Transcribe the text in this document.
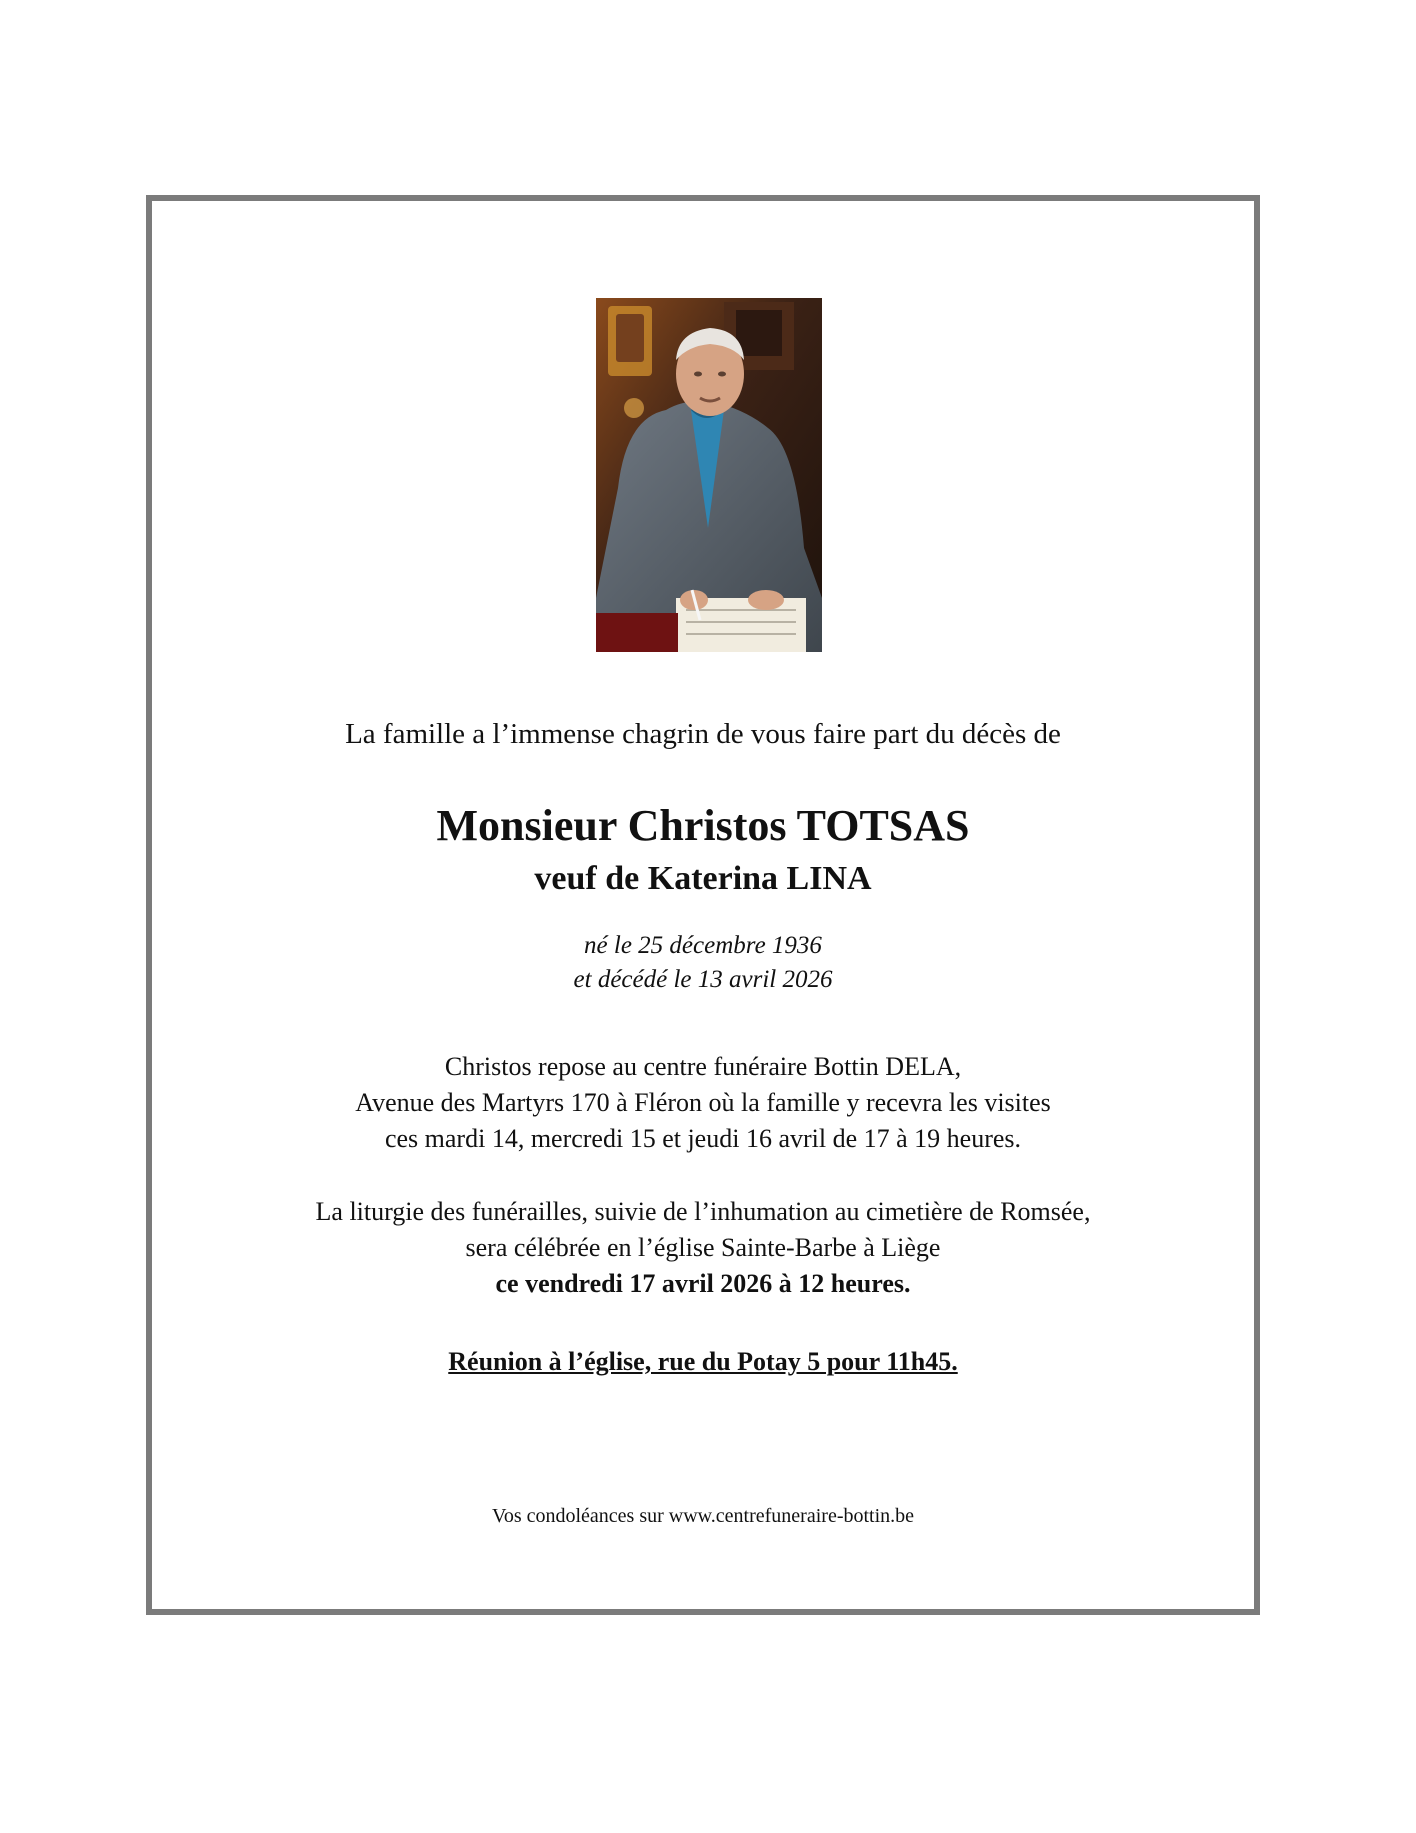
La famille a l’immense chagrin de vous faire part du décès de
Monsieur Christos TOTSAS
veuf de Katerina LINA
né le 25 décembre 1936
et décédé le 13 avril 2026
Christos repose au centre funéraire Bottin DELA,
Avenue des Martyrs 170 à Fléron où la famille y recevra les visites
ces mardi 14, mercredi 15 et jeudi 16 avril de 17 à 19 heures.
La liturgie des funérailles, suivie de l’inhumation au cimetière de Romsée,
sera célébrée en l’église Sainte-Barbe à Liège
ce vendredi 17 avril 2026 à 12 heures.
Réunion à l’église, rue du Potay 5 pour 11h45.
Vos condoléances sur www.centrefuneraire-bottin.be
